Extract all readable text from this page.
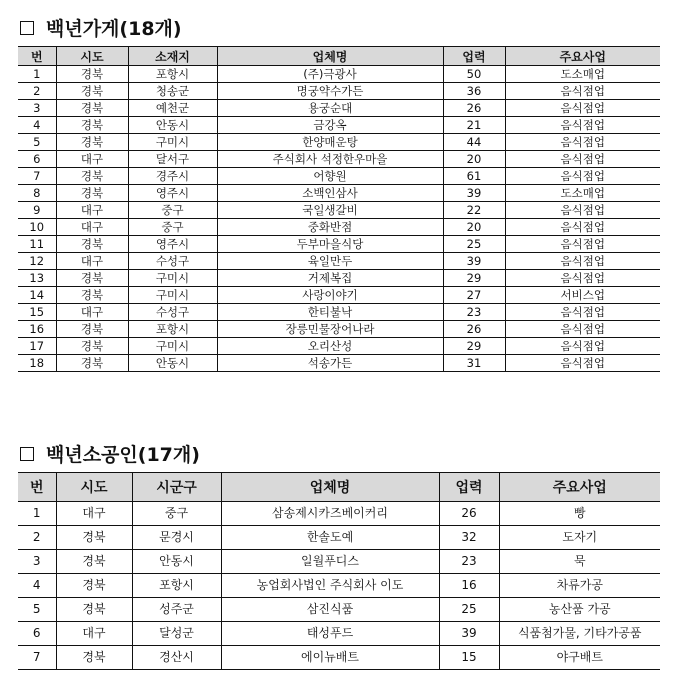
백년가게(18개)
번	시도	소재지	업체명	업력	주요사업
1	경북	포항시	(주)극광사	50	도소매업
2	경북	청송군	명궁약수가든	36	음식점업
3	경북	예천군	용궁순대	26	음식점업
4	경북	안동시	금강옥	21	음식점업
5	경북	구미시	한양매운탕	44	음식점업
6	대구	달서구	주식회사 석정한우마을	20	음식점업
7	경북	경주시	어향원	61	음식점업
8	경북	영주시	소백인삼사	39	도소매업
9	대구	중구	국일생갈비	22	음식점업
10	대구	중구	중화반점	20	음식점업
11	경북	영주시	두부마을식당	25	음식점업
12	대구	수성구	육일만두	39	음식점업
13	경북	구미시	거제복집	29	음식점업
14	경북	구미시	사랑이야기	27	서비스업
15	대구	수성구	한티불낙	23	음식점업
16	경북	포항시	장릉민물장어나라	26	음식점업
17	경북	구미시	오리산성	29	음식점업
18	경북	안동시	석송가든	31	음식점업
백년소공인(17개)
번	시도	시군구	업체명	업력	주요사업
1	대구	중구	삼송제시카즈베이커리	26	빵
2	경북	문경시	한솔도예	32	도자기
3	경북	안동시	일월푸디스	23	묵
4	경북	포항시	농업회사법인 주식회사 이도	16	차류가공
5	경북	성주군	삼진식품	25	농산품 가공
6	대구	달성군	태성푸드	39	식품첨가물, 기타가공품
7	경북	경산시	에이뉴배트	15	야구배트
